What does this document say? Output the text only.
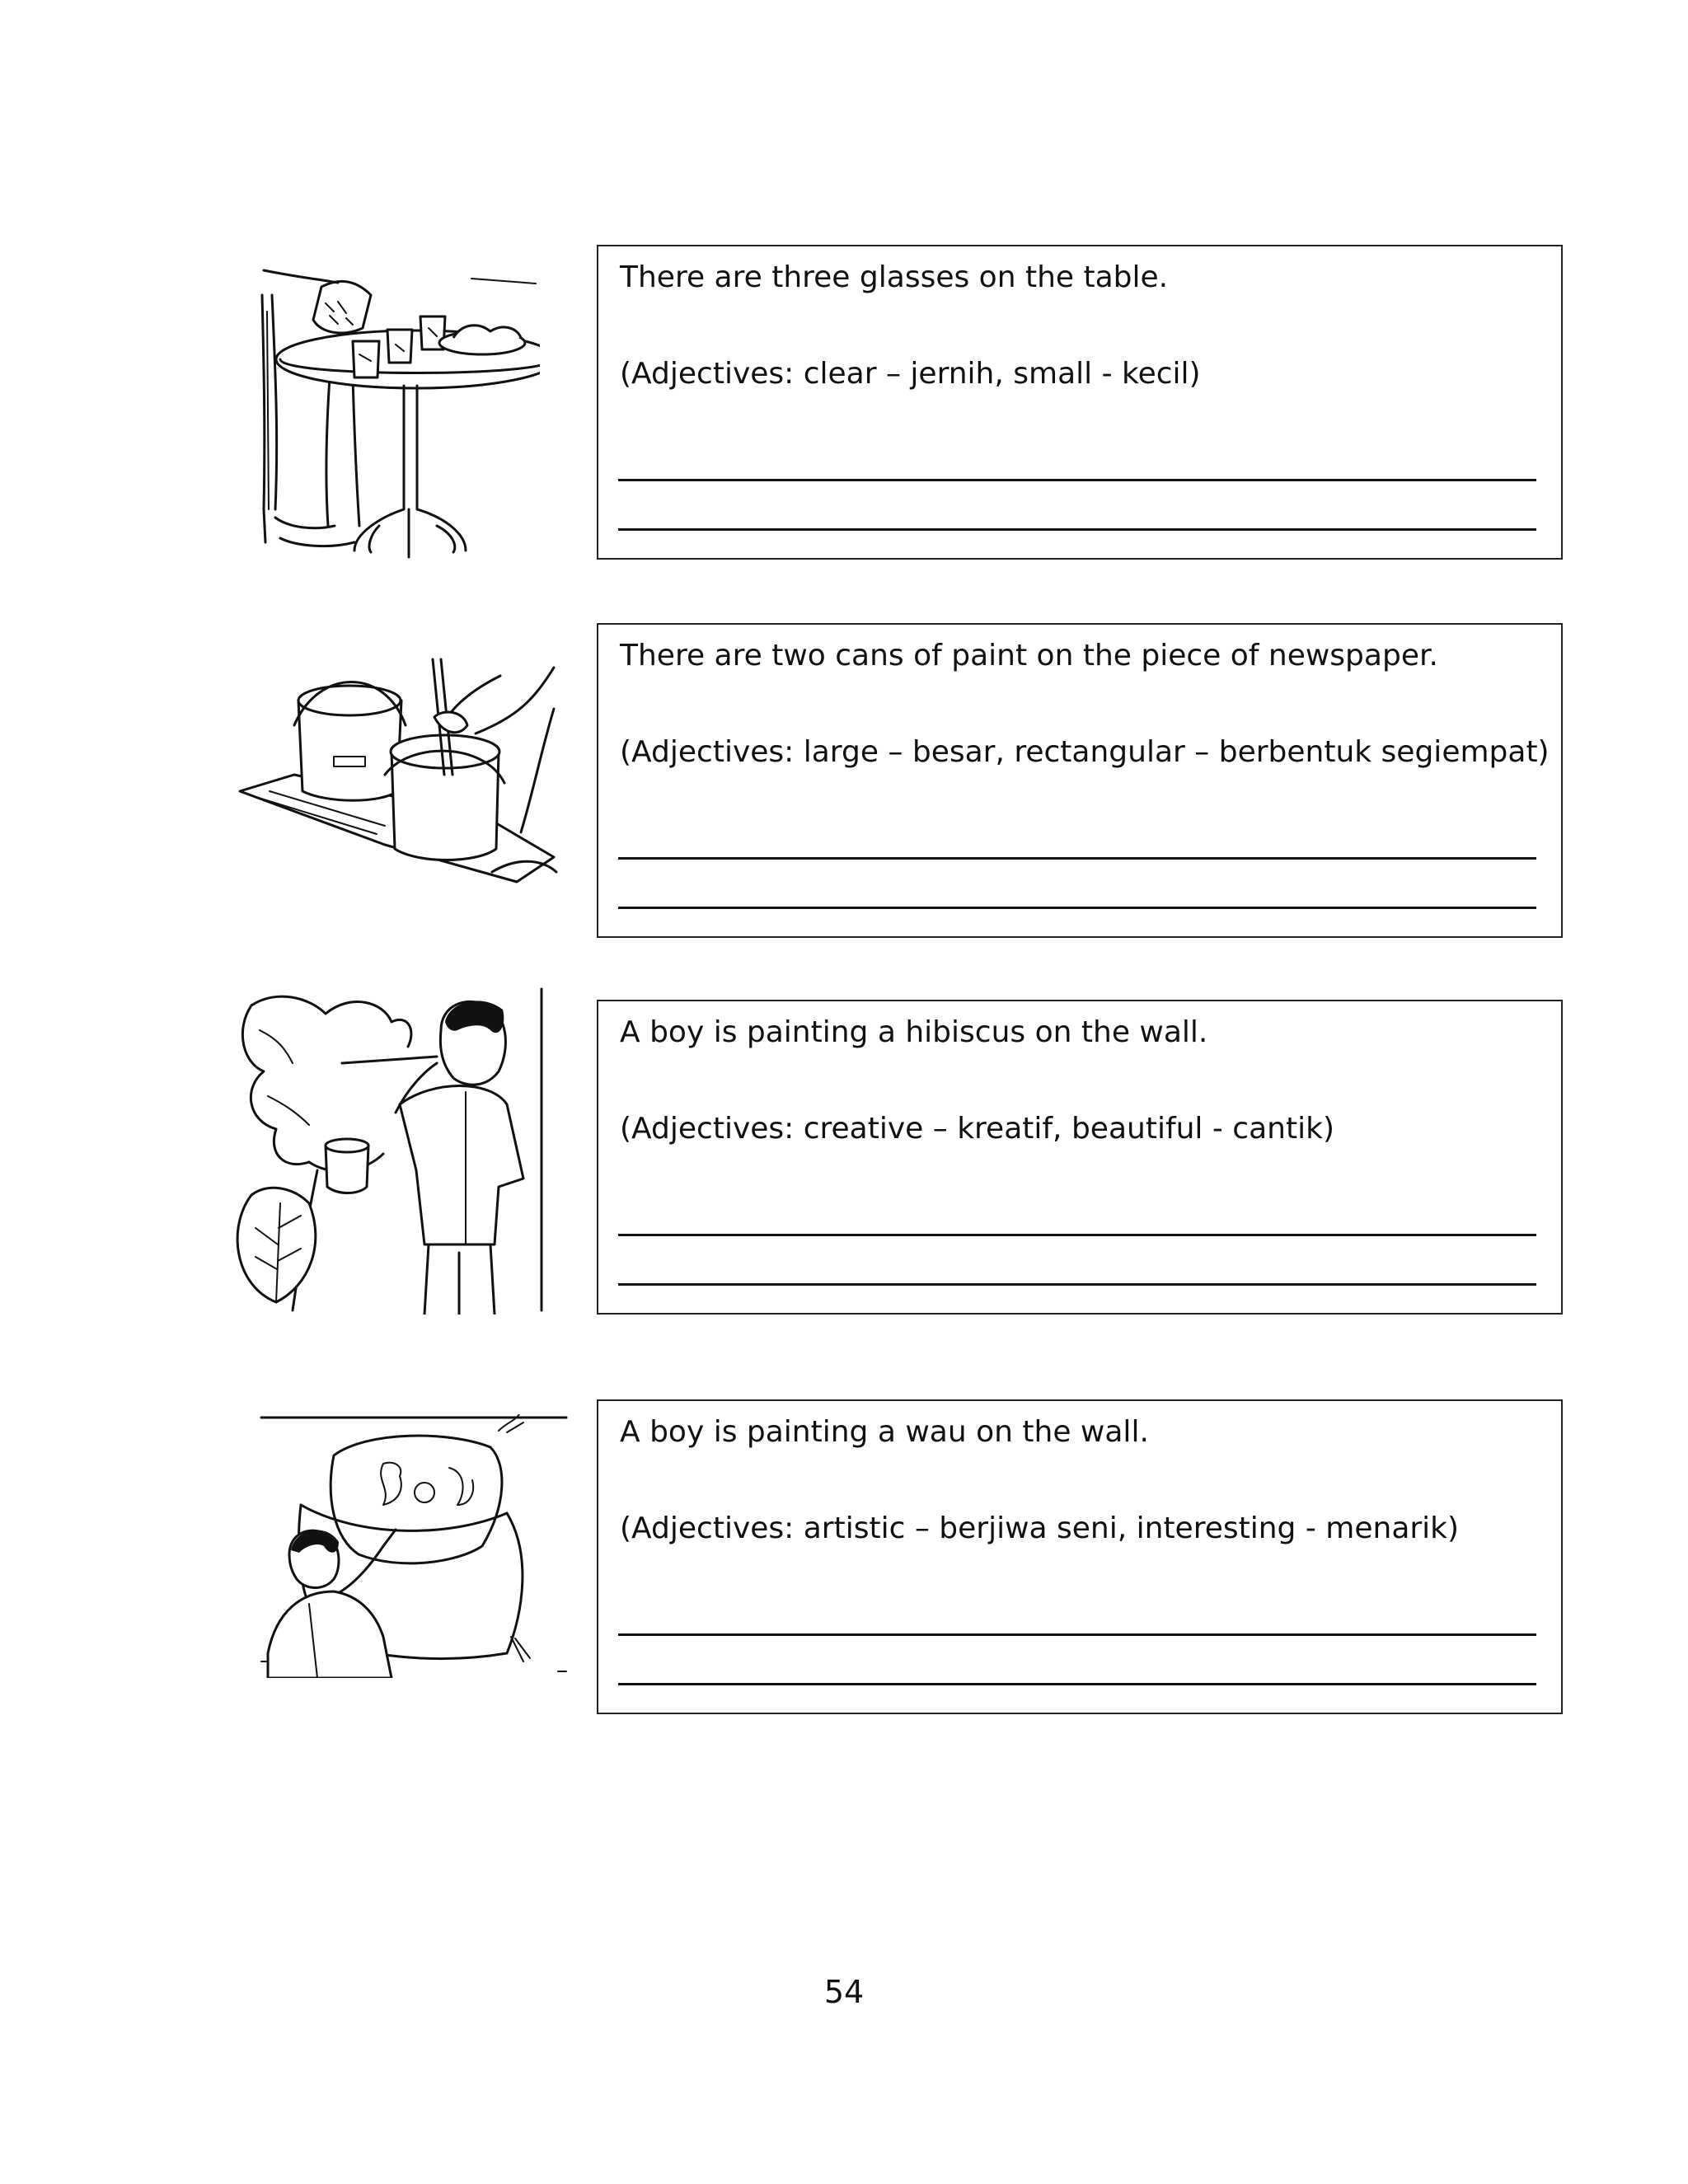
There are three glasses on the table.

(Adjectives: clear – jernih, small - kecil)

There are two cans of paint on the piece of newspaper.

(Adjectives: large – besar, rectangular – berbentuk segiempat)

A boy is painting a hibiscus on the wall.

(Adjectives: creative – kreatif, beautiful - cantik)

A boy is painting a wau on the wall.

(Adjectives: artistic – berjiwa seni, interesting - menarik)

54
